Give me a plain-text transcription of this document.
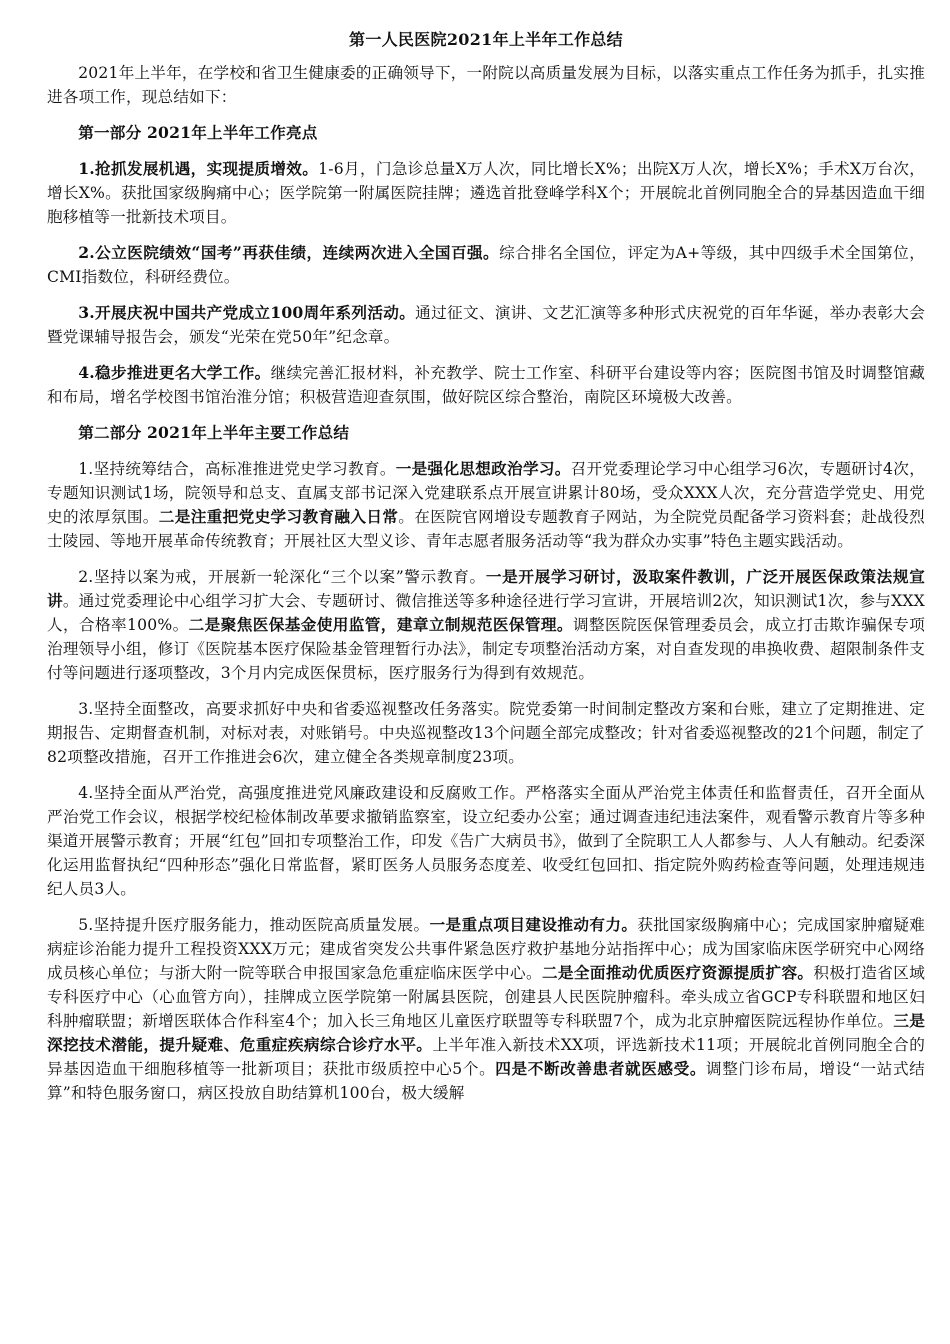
第一人民医院2021年上半年工作总结

2021年上半年，在学校和省卫生健康委的正确领导下，一附院以高质量发展为目标，以落实重点工作任务为抓手，扎实推进各项工作，现总结如下：

第一部分 2021年上半年工作亮点

1.抢抓发展机遇，实现提质增效。1-6月，门急诊总量X万人次，同比增长X%；出院X万人次，增长X%；手术X万台次，增长X%。获批国家级胸痛中心；医学院第一附属医院挂牌；遴选首批登峰学科X个；开展皖北首例同胞全合的异基因造血干细胞移植等一批新技术项目。

2.公立医院绩效“国考”再获佳绩，连续两次进入全国百强。综合排名全国位，评定为A+等级，其中四级手术全国第位，CMI指数位，科研经费位。

3.开展庆祝中国共产党成立100周年系列活动。通过征文、演讲、文艺汇演等多种形式庆祝党的百年华诞，举办表彰大会暨党课辅导报告会，颁发“光荣在党50年”纪念章。

4.稳步推进更名大学工作。继续完善汇报材料，补充教学、院士工作室、科研平台建设等内容；医院图书馆及时调整馆藏和布局，增名学校图书馆治淮分馆；积极营造迎查氛围，做好院区综合整治，南院区环境极大改善。

第二部分 2021年上半年主要工作总结

1.坚持统筹结合，高标准推进党史学习教育。一是强化思想政治学习。召开党委理论学习中心组学习6次，专题研讨4次，专题知识测试1场，院领导和总支、直属支部书记深入党建联系点开展宣讲累计80场，受众XXX人次，充分营造学党史、用党史的浓厚氛围。二是注重把党史学习教育融入日常。在医院官网增设专题教育子网站，为全院党员配备学习资料套；赴战役烈士陵园、等地开展革命传统教育；开展社区大型义诊、青年志愿者服务活动等“我为群众办实事”特色主题实践活动。

2.坚持以案为戒，开展新一轮深化“三个以案”警示教育。一是开展学习研讨，汲取案件教训，广泛开展医保政策法规宣讲。通过党委理论中心组学习扩大会、专题研讨、微信推送等多种途径进行学习宣讲，开展培训2次，知识测试1次，参与XXX人，合格率100%。二是聚焦医保基金使用监管，建章立制规范医保管理。调整医院医保管理委员会，成立打击欺诈骗保专项治理领导小组，修订《医院基本医疗保险基金管理暂行办法》，制定专项整治活动方案，对自查发现的串换收费、超限制条件支付等问题进行逐项整改，3个月内完成医保贯标，医疗服务行为得到有效规范。

3.坚持全面整改，高要求抓好中央和省委巡视整改任务落实。院党委第一时间制定整改方案和台账，建立了定期推进、定期报告、定期督查机制，对标对表，对账销号。中央巡视整改13个问题全部完成整改；针对省委巡视整改的21个问题，制定了82项整改措施，召开工作推进会6次，建立健全各类规章制度23项。

4.坚持全面从严治党，高强度推进党风廉政建设和反腐败工作。严格落实全面从严治党主体责任和监督责任，召开全面从严治党工作会议，根据学校纪检体制改革要求撤销监察室，设立纪委办公室；通过调查违纪违法案件，观看警示教育片等多种渠道开展警示教育；开展“红包”回扣专项整治工作，印发《告广大病员书》，做到了全院职工人人都参与、人人有触动。纪委深化运用监督执纪“四种形态”强化日常监督，紧盯医务人员服务态度差、收受红包回扣、指定院外购药检查等问题，处理违规违纪人员3人。

5.坚持提升医疗服务能力，推动医院高质量发展。一是重点项目建设推动有力。获批国家级胸痛中心；完成国家肿瘤疑难病症诊治能力提升工程投资XXX万元；建成省突发公共事件紧急医疗救护基地分站指挥中心；成为国家临床医学研究中心网络成员核心单位；与浙大附一院等联合申报国家急危重症临床医学中心。二是全面推动优质医疗资源提质扩容。积极打造省区域专科医疗中心（心血管方向），挂牌成立医学院第一附属县医院，创建县人民医院肿瘤科。牵头成立省GCP专科联盟和地区妇科肿瘤联盟；新增医联体合作科室4个；加入长三角地区儿童医疗联盟等专科联盟7个，成为北京肿瘤医院远程协作单位。三是深挖技术潜能，提升疑难、危重症疾病综合诊疗水平。上半年准入新技术XX项，评选新技术11项；开展皖北首例同胞全合的异基因造血干细胞移植等一批新项目；获批市级质控中心5个。四是不断改善患者就医感受。调整门诊布局，增设“一站式结算”和特色服务窗口，病区投放自助结算机100台，极大缓解
